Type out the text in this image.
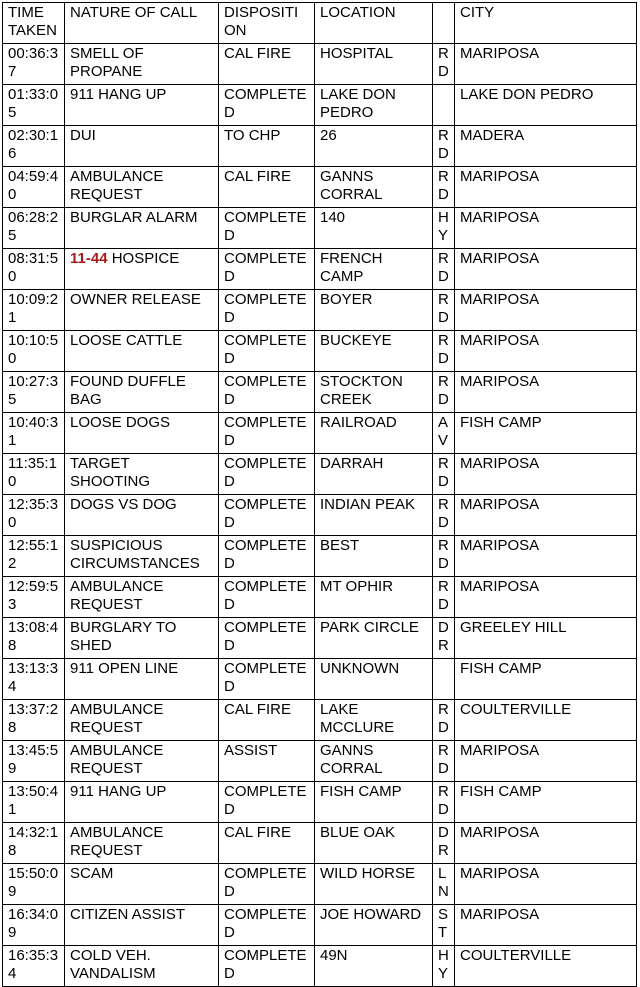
TIME TAKEN	NATURE OF CALL	DISPOSITION	LOCATION		CITY
00:36:37	SMELL OF PROPANE	CAL FIRE	HOSPITAL	RD	MARIPOSA
01:33:05	911 HANG UP	COMPLETED	LAKE DON PEDRO		LAKE DON PEDRO
02:30:16	DUI	TO CHP	26	RD	MADERA
04:59:40	AMBULANCE REQUEST	CAL FIRE	GANNS CORRAL	RD	MARIPOSA
06:28:25	BURGLAR ALARM	COMPLETED	140	HY	MARIPOSA
08:31:50	11-44 HOSPICE	COMPLETED	FRENCH CAMP	RD	MARIPOSA
10:09:21	OWNER RELEASE	COMPLETED	BOYER	RD	MARIPOSA
10:10:50	LOOSE CATTLE	COMPLETED	BUCKEYE	RD	MARIPOSA
10:27:35	FOUND DUFFLE BAG	COMPLETED	STOCKTON CREEK	RD	MARIPOSA
10:40:31	LOOSE DOGS	COMPLETED	RAILROAD	AV	FISH CAMP
11:35:10	TARGET SHOOTING	COMPLETED	DARRAH	RD	MARIPOSA
12:35:30	DOGS VS DOG	COMPLETED	INDIAN PEAK	RD	MARIPOSA
12:55:12	SUSPICIOUS CIRCUMSTANCES	COMPLETED	BEST	RD	MARIPOSA
12:59:53	AMBULANCE REQUEST	COMPLETED	MT OPHIR	RD	MARIPOSA
13:08:48	BURGLARY TO SHED	COMPLETED	PARK CIRCLE	DR	GREELEY HILL
13:13:34	911 OPEN LINE	COMPLETED	UNKNOWN		FISH CAMP
13:37:28	AMBULANCE REQUEST	CAL FIRE	LAKE MCCLURE	RD	COULTERVILLE
13:45:59	AMBULANCE REQUEST	ASSIST	GANNS CORRAL	RD	MARIPOSA
13:50:41	911 HANG UP	COMPLETED	FISH CAMP	RD	FISH CAMP
14:32:18	AMBULANCE REQUEST	CAL FIRE	BLUE OAK	DR	MARIPOSA
15:50:09	SCAM	COMPLETED	WILD HORSE	LN	MARIPOSA
16:34:09	CITIZEN ASSIST	COMPLETED	JOE HOWARD	ST	MARIPOSA
16:35:34	COLD VEH. VANDALISM	COMPLETED	49N	HY	COULTERVILLE
